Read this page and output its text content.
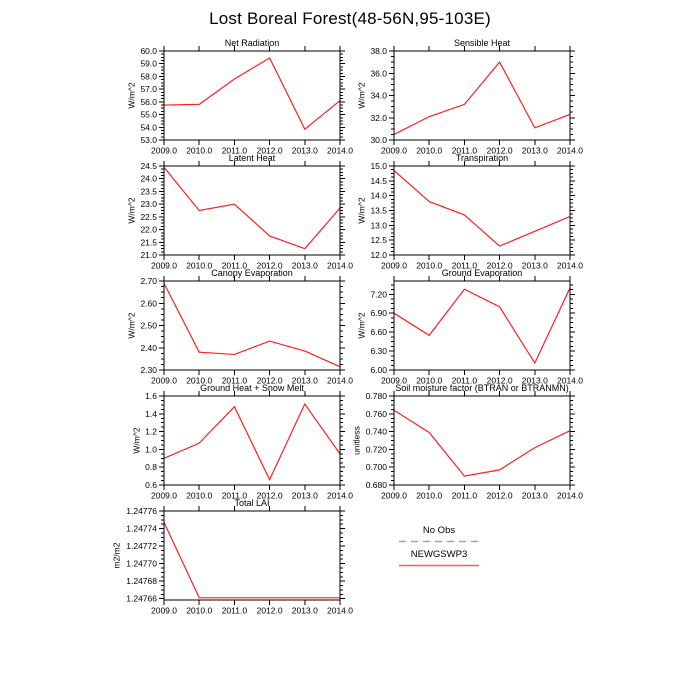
Lost Boreal Forest(48-56N,95-103E)
Net Radiation
W/m^2
53.0
54.0
55.0
56.0
57.0
58.0
59.0
60.0
2009.0 2010.0 2011.0 2012.0 2013.0 2014.0
Sensible Heat
W/m^2
30.0
32.0
34.0
36.0
38.0
2009.0 2010.0 2011.0 2012.0 2013.0 2014.0
Latent Heat
W/m^2
21.0
21.5
22.0
22.5
23.0
23.5
24.0
24.5
2009.0 2010.0 2011.0 2012.0 2013.0 2014.0
Transpiration
W/m^2
12.0
12.5
13.0
13.5
14.0
14.5
15.0
2009.0 2010.0 2011.0 2012.0 2013.0 2014.0
Canopy Evaporation
W/m^2
2.30
2.40
2.50
2.60
2.70
2009.0 2010.0 2011.0 2012.0 2013.0 2014.0
Ground Evaporation
W/m^2
6.00
6.30
6.60
6.90
7.20
2009.0 2010.0 2011.0 2012.0 2013.0 2014.0
Ground Heat + Snow Melt
W/m^2
0.6
0.8
1.0
1.2
1.4
1.6
2009.0 2010.0 2011.0 2012.0 2013.0 2014.0
Soil moisture factor (BTRAN or BTRANMN)
unitless
0.680
0.700
0.720
0.740
0.760
0.780
2009.0 2010.0 2011.0 2012.0 2013.0 2014.0
Total LAI
m2/m2
1.24766
1.24768
1.24770
1.24772
1.24774
1.24776
2009.0 2010.0 2011.0 2012.0 2013.0 2014.0
No Obs
NEWGSWP3
